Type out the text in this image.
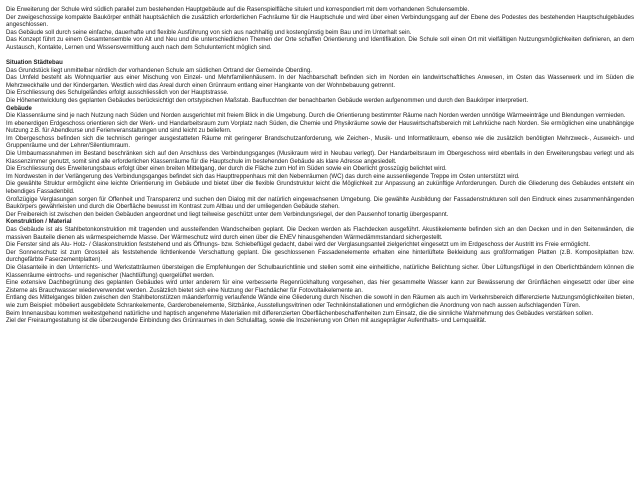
Die Erweiterung der Schule wird südlich parallel zum bestehenden Hauptgebäude auf die Rasenspielfläche situiert und korrespondiert mit dem vorhandenen Schulensemble.

Der zweigeschossige kompakte Baukörper enthält hauptsächlich die zusätzlich erforderlichen Fachräume für die Hauptschule und wird über einen Verbindungsgang auf der Ebene des Podestes des bestehenden Hauptschulgebäudes angeschlossen.

Das Gebäude soll durch seine einfache, dauerhafte und flexible Ausführung von sich aus nachhaltig und kostengünstig beim Bau und im Unterhalt sein.

Das Konzept führt zu einem Gesamtensemble von Alt und Neu und die unterschiedlichen Themen der Orte schaffen Orientierung und Identifikation. Die Schule soll einen Ort mit vielfältigen Nutzungsmöglichkeiten definieren, an dem Austausch, Kontakte, Lernen und Wissensvermittlung auch nach dem Schulunterricht möglich sind.

Situation Städtebau

Das Grundstück liegt unmittelbar nördlich der vorhandenen Schule am südlichen Ortrand der Gemeinde Oberding.

Das Umfeld besteht als Wohnquartier aus einer Mischung von Einzel- und Mehrfamilienhäusern. In der Nachbarschaft befinden sich im Norden ein landwirtschaftliches Anwesen, im Osten das Wasserwerk und im Süden die Mehrzweckhalle und der Kindergarten. Westlich wird das Areal durch einen Grünraum entlang einer Hangkante von der Wohnbebauung getrennt.

Die Erschliessung des Schulgeländes erfolgt ausschliesslich von der Hauptstrasse.

Die Höhenentwicklung des geplanten Gebäudes berücksichtigt den ortstypischen Maßstab. Bauflucchten der benachbarten Gebäude werden aufgenommen und durch den Baukörper interpretiert.

Gebäude

Die Klassenräume sind je nach Nutzung nach Süden und Norden ausgerichtet mit freiem Blick in die Umgebung. Durch die Orientierung bestimmter Räume nach Norden werden unnötige Wärmeeinträge und Blendungen vermieden.

Im ebenerdigen Erdgeschoss orientieren sich der Werk- und Handarbeitsraum zum Vorplatz nach Süden, die Chemie und Physikräume sowie der Hauswirtschaftsbereich mit Lehrküche nach Norden. Sie ermöglichen eine unabhängige Nutzung z.B. für Abendkurse und Ferienveranstaltungen und sind leicht zu beliefern.

Im Obergeschoss befinden sich die technisch geringer ausgestatteten Räume mit geringerer Brandschutzanforderung, wie Zeichen-, Musik- und Informatikraum, ebenso wie die zusätzlich benötigten Mehrzweck-, Ausweich- und Gruppenräume und der Lehrer/Silentiumraum.

Die Umbaumassnahmen im Bestand beschränken sich auf den Anschluss des Verbindungsganges (Musikraum wird in Neubau verlegt). Der Handarbeitsraum im Obergeschoss wird ebenfalls in den Erweiterungsbau verlegt und als Klassenzimmer genutzt, somit sind alle erforderlichen Klassenräume für die Hauptschule im bestehenden Gebäude als klare Adresse angesiedelt.

Die Erschliessung des Erweiterungsbaus erfolgt über einen breiten Mittelgang, der durch die Fläche zum Hof im Süden sowie ein Oberlicht grosszügig belichtet wird.

Im Nordwesten in der Verlängerung des Verbindungsganges befindet sich das Haupttreppenhaus mit den Nebenräumen (WC) das durch eine aussenliegende Treppe im Osten unterstützt wird.

Die gewählte Struktur ermöglicht eine leichte Orientierung im Gebäude und bietet über die flexible Grundstruktur leicht die Möglichkeit zur Anpassung an zukünftige Anforderungen. Durch die Gliederung des Gebäudes entsteht ein lebendiges Fassadenbild.

Großzügige Verglasungen sorgen für Offenheit und Transparenz und suchen den Dialog mit der natürlich eingewachsenen Umgebung. Die gewählte Ausbildung der Fassadenstrukturen soll den Eindruck eines zusammenhängenden Baukörpers gewährleisten und durch die Oberfläche bewusst im Kontrast zum Altbau und der umliegenden Gebäude stehen.

Der Freibereich ist zwischen den beiden Gebäuden angeordnet und liegt teilweise geschützt unter dem Verbindungsriegel, der den Pausenhof tonartig übergespannt.

Konstruktion / Material

Das Gebäude ist als Stahlbetonkonstruktion mit tragenden und aussteifenden Wandscheiben geplant. Die Decken werden als Flachdecken ausgeführt. Akustikelemente befinden sich an den Decken und in den Seitenwänden, die massiven Bauteile dienen als wärmespeichernde Masse. Der Wärmeschutz wird durch einen über die ENEV hinausgehenden Wärmedämmstandard sichergestellt.

Die Fenster sind als Alu- Holz- / Glaskonstruktion feststehend und als Öffnungs- bzw. Schiebeflügel gedacht, dabei wird der Verglasungsanteil zielgerichtet eingesetzt um im Erdgeschoss der Austritt ins Freie ermöglicht.

Der Sonnenschutz ist zum Grossteil als feststehende lichtlenkende Verschattung geplant. Die geschlossenen Fassadenelemente erhalten eine hinterlüftete Bekleidung aus großformatigen Platten (z.B. Kompositplatten bzw. durchgefärbte Faserzementplatten).

Die Glasanteile in den Unterrichts- und Werkstatträumen übersteigen die Empfehlungen der Schulbaurichtlinie und stellen somit eine einheitliche, natürliche Belichtung sicher. Über Lüftungsflügel in den Oberlichtbändern können die Klassenräume eintrochs- und regenischer (Nachtlüftung) quergelüftet werden.

Eine extensive Dachbegrünung des geplanten Gebäudes wird unter anderem für eine verbesserte Regenrückhaltung vorgesehen, das hier gesammelte Wasser kann zur Bewässerung der Grünflächen eingesetzt oder über eine Zisterne als Brauchwasser wiederverwendet werden. Zusätzlich bietet sich eine Nutzung der Flachdächer für Fotovoltaikelemente an.

Entlang des Mittelganges bilden zwischen den Stahlbetonstützen mäanderformig verlaufende Wände eine Gliederung durch Nischen die sowohl in den Räumen als auch im Verkehrsbereich differenzierte Nutzungsmöglichkeiten bieten, wie zum Beispiel: möbeliert ausgebildete Schrankelemente, Garderobenelemente, Sitzbänke, Ausstellungsvitrinen oder Technikinstallationen und ermöglichen die Anordnung von nach aussen aufschlagenden Türen.

Beim Innenausbau kommen weitestgehend natürliche und haptisch angenehme Materialien mit differenzierten Oberflächenbeschaffenheiten zum Einsatz, die die sinnliche Wahrnehmung des Gebäudes verstärken sollen.

Ziel der Freiraumgestaltung ist die überzeugende Einbindung des Grünraumes in den Schulalltag, sowie die Inszenierung von Orten mit ausgeprägter Aufenthalts- und Lernqualität.
